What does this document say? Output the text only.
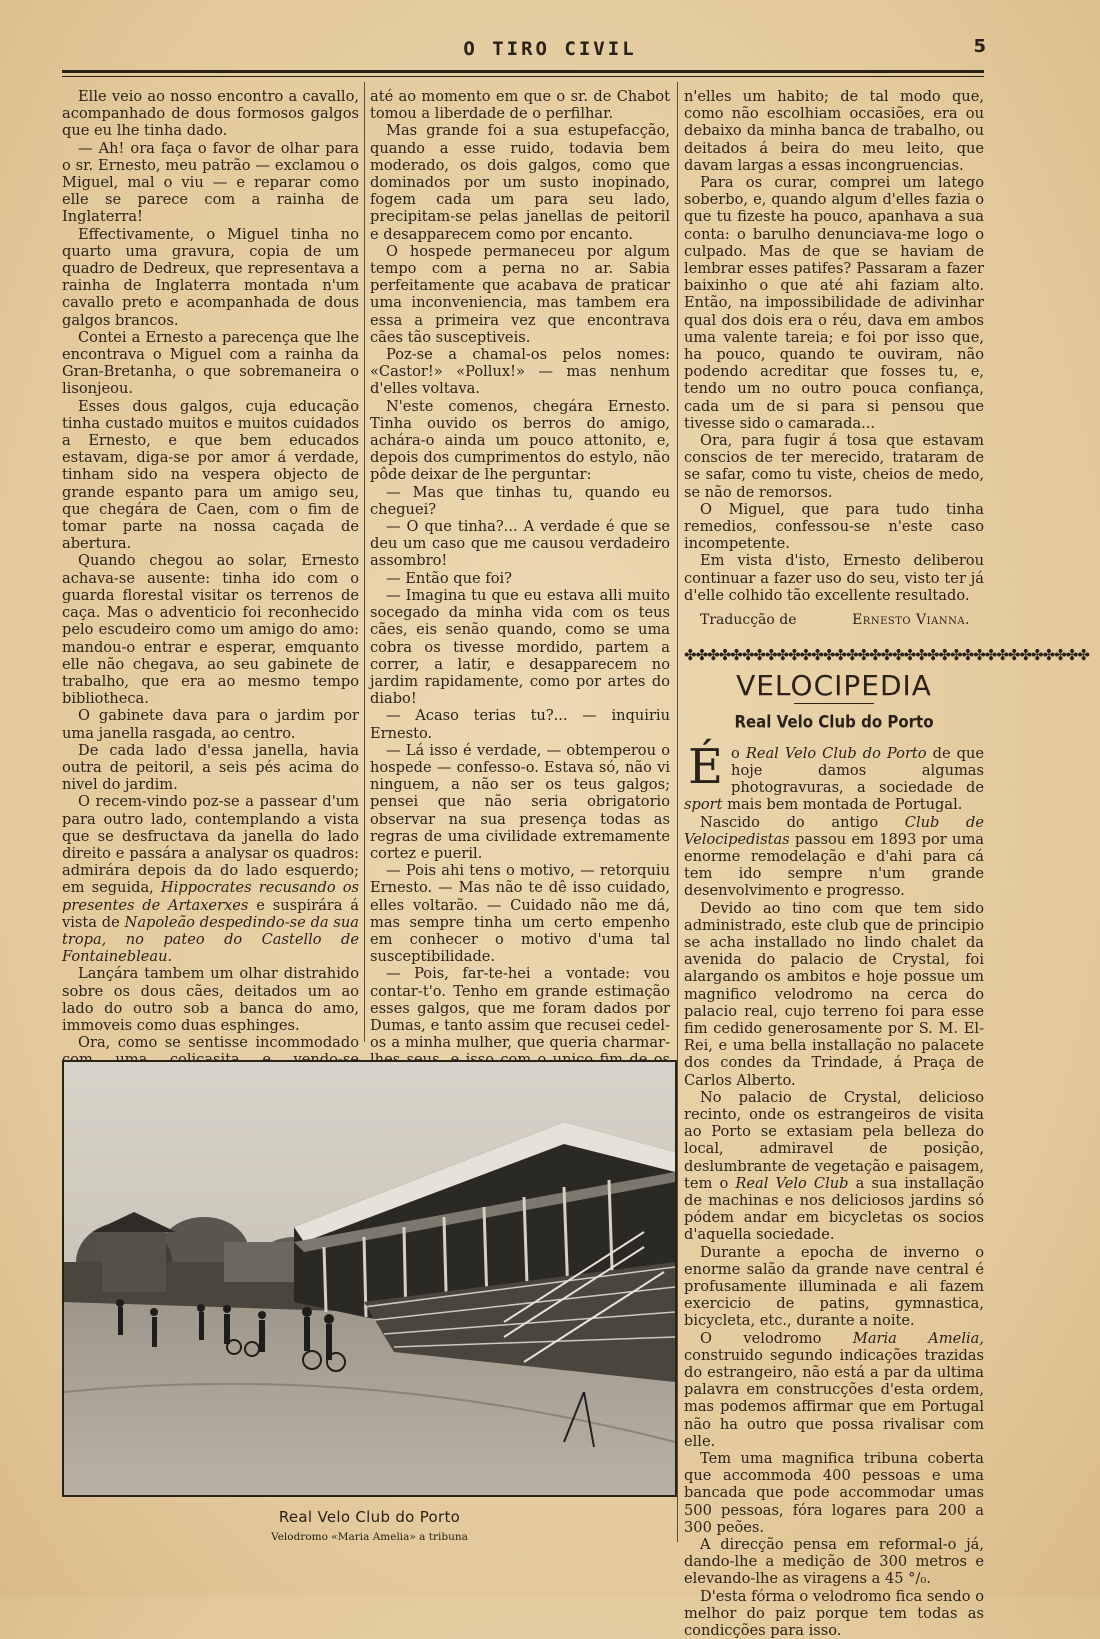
O TIRO CIVIL	5

Elle veio ao nosso encontro a cavallo, acompanhado de dous formosos galgos que eu lhe tinha dado.

— Ah! ora faça o favor de olhar para o sr. Ernesto, meu patrão — exclamou o Miguel, mal o viu — e reparar como elle se parece com a rainha de Inglaterra!

Effectivamente, o Miguel tinha no quarto uma gravura, copia de um quadro de Dedreux, que representava a rainha de Inglaterra montada n'um cavallo preto e acompanhada de dous galgos brancos.

Contei a Ernesto a parecença que lhe encontrava o Miguel com a rainha da Gran-Bretanha, o que sobremaneira o lisonjeou.

Esses dous galgos, cuja educação tinha custado muitos e muitos cuidados a Ernesto, e que bem educados estavam, diga-se por amor á verdade, tinham sido na vespera objecto de grande espanto para um amigo seu, que chegára de Caen, com o fim de tomar parte na nossa caçada de abertura.

Quando chegou ao solar, Ernesto achava-se ausente: tinha ido com o guarda florestal visitar os terrenos de caça. Mas o adventicio foi reconhecido pelo escudeiro como um amigo do amo: mandou-o entrar e esperar, emquanto elle não chegava, ao seu gabinete de trabalho, que era ao mesmo tempo bibliotheca.

O gabinete dava para o jardim por uma janella rasgada, ao centro.

De cada lado d'essa janella, havia outra de peitoril, a seis pés acima do nivel do jardim.

O recem-vindo poz-se a passear d'um para outro lado, contemplando a vista que se desfructava da janella do lado direito e passára a analysar os quadros: admirára depois da do lado esquerdo; em seguida, Hippocrates recusando os presentes de Artaxerxes e suspirára á vista de Napoleão despedindo-se da sua tropa, no pateo do Castello de Fontainebleau.

Lançára tambem um olhar distrahido sobre os dous cães, deitados um ao lado do outro sob a banca do amo, immoveis como duas esphinges.

Ora, como se sentisse incommodado

até ao momento em que o sr. de Chabot tomou a liberdade de o perfilhar.

Mas grande foi a sua estupefacção, quando a esse ruido, todavia bem moderado, os dois galgos, como que dominados por um susto inopinado, fogem cada um para seu lado, precipitam-se pelas janellas de peitoril e desapparecem como por encanto.

O hospede permaneceu por algum tempo com a perna no ar. Sabia perfeitamente que acabava de praticar uma inconveniencia, mas tambem era essa a primeira vez que encontrava cães tão susceptiveis.

Poz-se a chamal-os pelos nomes: «Castor!» «Pollux!» — mas nenhum d'elles voltava.

N'este comenos, chegára Ernesto. Tinha ouvido os berros do amigo, achára-o ainda um pouco attonito, e, depois dos cumprimentos do estylo, não pôde deixar de lhe perguntar:

— Mas que tinhas tu, quando eu cheguei?

— O que tinha?... A verdade é que se deu um caso que me causou verdadeiro assombro!

— Então que foi?

— Imagina tu que eu estava alli muito socegado da minha vida com os teus cães, eis senão quando, como se uma cobra os tivesse mordido, partem a correr, a latir, e desapparecem no jardim rapidamente, como por artes do diabo!

— Acaso terias tu?... — inquiriu Ernesto.

— Lá isso é verdade, — obtemperou o hospede — confesso-o. Estava só, não vi ninguem, a não ser os teus galgos; pensei que não seria obrigatorio observar na sua presença todas as regras de uma civilidade extremamente cortez e pueril.

— Pois ahi tens o motivo, — retorquiu Ernesto. — Mas não te dê isso cuidado, elles voltarão. — Cuidado não me dá, mas sempre tinha um certo empenho em conhecer o motivo d'uma tal susceptibilidade.

— Pois, far-te-hei a vontade: vou contar-t'o. Tenho em grande estimação esses galgos, que me foram dados por Dumas, e tanto assim que recusei cedel-os a minha mulher, que queria charmar-

n'elles um habito; de tal modo que, como não escolhiam occasiões, era ou debaixo da minha banca de trabalho, ou deitados á beira do meu leito, que davam largas a essas incongruencias.

Para os curar, comprei um latego soberbo, e, quando algum d'elles fazia o que tu fizeste ha pouco, apanhava a sua conta: o barulho denunciava-me logo o culpado. Mas de que se haviam de lembrar esses patifes? Passaram a fazer baixinho o que até ahi faziam alto. Então, na impossibilidade de adivinhar qual dos dois era o réu, dava em ambos uma valente tareia; e foi por isso que, ha pouco, quando te ouviram, não podendo acreditar que fosses tu, e, tendo um no outro pouca confiança, cada um de si para si pensou que tivesse sido o camarada...

Ora, para fugir á tosa que estavam conscios de ter merecido, trataram de se safar, como tu viste, cheios de medo, se não de remorsos.

O Miguel, que para tudo tinha remedios, confessou-se n'este caso incompetente.

Em vista d'isto, Ernesto deliberou continuar a fazer uso do seu, visto ter já d'elle colhido tão excellente resultado.

Traducção de	Ernesto Vianna.
✤✤✤✤✤✤✤✤✤✤✤✤✤✤✤✤✤✤✤✤✤✤✤✤✤✤✤✤✤✤✤✤✤✤✤
VELOCIPEDIA
Real Velo Club do Porto

É o Real Velo Club do Porto de que hoje damos algumas photogravuras, a sociedade de sport mais bem montada de Portugal.

Nascido do antigo Club de Velocipedistas passou em 1893 por uma enorme remodelação e d'ahi para cá tem ido sempre n'um grande desenvolvimento e progresso.

Devido ao tino com que tem sido administrado, este club que de principio se acha installado no lindo chalet da avenida do palacio de Crystal, foi alargando os ambitos e hoje possue um magnifico velodromo na cerca do palacio real, cujo terreno foi para esse fim cedido generosamente por S. M. El-Rei, e uma bella installação no palacete dos condes da Trindade, á Praça de Carlos Alberto.

No palacio de Crystal, delicioso recinto, onde os estrangeiros de visita ao Porto se extasiam pela belleza do local, admiravel de posição, deslumbrante de vegetação e paisagem, tem o Real Velo Club a sua installação de machinas e nos deliciosos jardins só pódem andar em bicycletas os socios d'aquella sociedade.

Durante a epocha de inverno o enorme salão da grande nave central é profusamente illuminada e ali fazem exercicio de patins, gymnastica, bicycleta, etc., durante a noite.

O velodromo Maria Amelia, construido segundo indicações trazidas do estrangeiro, não está a par da ultima palavra em construcções d'esta ordem, mas podemos affirmar que em Portugal não ha outro que possa rivalisar com elle.

Tem uma magnifica tribuna coberta que accommoda 400 pessoas e uma bancada que pode accommodar umas 500 pessoas, fóra logares para 200 a 300 peões.

A direcção pensa em reformal-o já, dando-lhe a medição de 300 metros e elevando-lhe as viragens a 45 °/₀.

D'esta fórma o velodromo fica sendo o melhor do paiz porque tem todas as condicções para isso.

Real Velo Club do Porto
Velodromo «Maria Amelia» a tribuna
